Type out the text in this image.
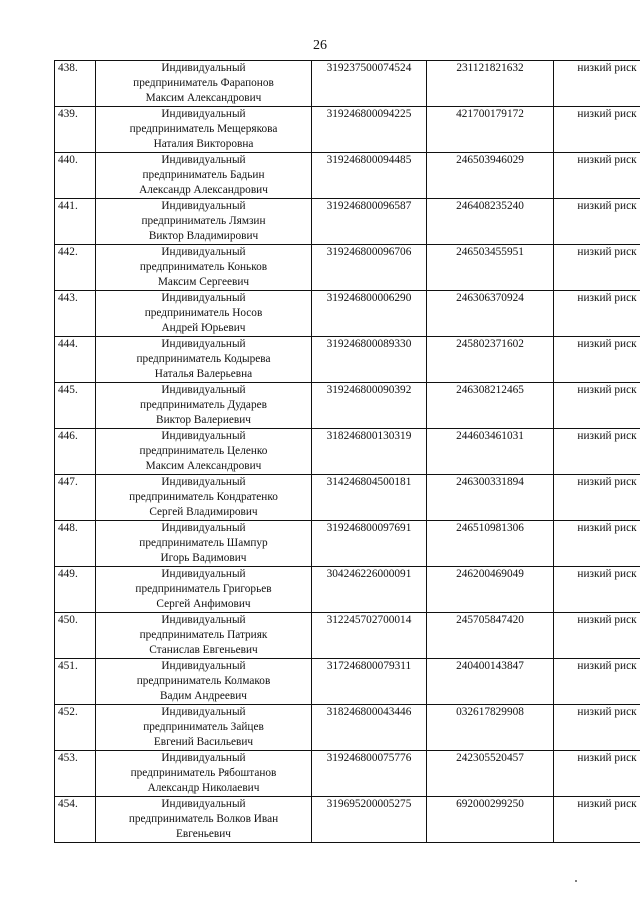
26
438.	Индивидуальный
предприниматель Фарапонов
Максим Александрович	319237500074524	231121821632	низкий риск
439.	Индивидуальный
предприниматель Мещерякова
Наталия Викторовна	319246800094225	421700179172	низкий риск
440.	Индивидуальный
предприниматель Бадьин
Александр Александрович	319246800094485	246503946029	низкий риск
441.	Индивидуальный
предприниматель Лямзин
Виктор Владимирович	319246800096587	246408235240	низкий риск
442.	Индивидуальный
предприниматель Коньков
Максим Сергеевич	319246800096706	246503455951	низкий риск
443.	Индивидуальный
предприниматель Носов
Андрей Юрьевич	319246800006290	246306370924	низкий риск
444.	Индивидуальный
предприниматель Кодырева
Наталья Валерьевна	319246800089330	245802371602	низкий риск
445.	Индивидуальный
предприниматель Дударев
Виктор Валериевич	319246800090392	246308212465	низкий риск
446.	Индивидуальный
предприниматель Целенко
Максим Александрович	318246800130319	244603461031	низкий риск
447.	Индивидуальный
предприниматель Кондратенко
Сергей Владимирович	314246804500181	246300331894	низкий риск
448.	Индивидуальный
предприниматель Шампур
Игорь Вадимович	319246800097691	246510981306	низкий риск
449.	Индивидуальный
предприниматель Григорьев
Сергей Анфимович	304246226000091	246200469049	низкий риск
450.	Индивидуальный
предприниматель Патрияк
Станислав Евгеньевич	312245702700014	245705847420	низкий риск
451.	Индивидуальный
предприниматель Колмаков
Вадим Андреевич	317246800079311	240400143847	низкий риск
452.	Индивидуальный
предприниматель Зайцев
Евгений Васильевич	318246800043446	032617829908	низкий риск
453.	Индивидуальный
предприниматель Рябоштанов
Александр Николаевич	319246800075776	242305520457	низкий риск
454.	Индивидуальный
предприниматель Волков Иван
Евгеньевич	319695200005275	692000299250	низкий риск
